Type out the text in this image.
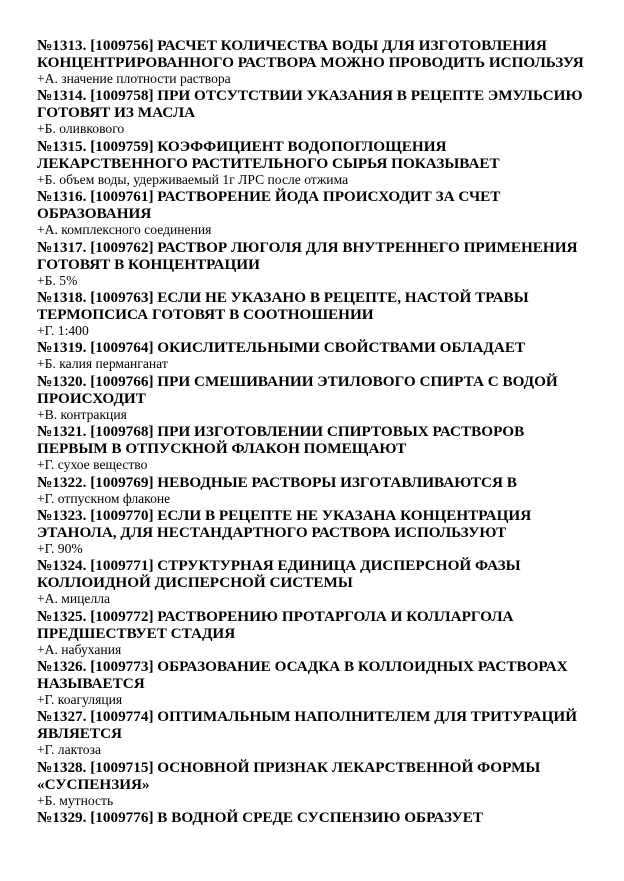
№1313. [1009756] РАСЧЕТ КОЛИЧЕСТВА ВОДЫ ДЛЯ ИЗГОТОВЛЕНИЯ КОНЦЕНТРИРОВАННОГО РАСТВОРА МОЖНО ПРОВОДИТЬ ИСПОЛЬЗУЯ

+А. значение плотности раствора

№1314. [1009758] ПРИ ОТСУТСТВИИ УКАЗАНИЯ В РЕЦЕПТЕ ЭМУЛЬСИЮ ГОТОВЯТ ИЗ МАСЛА

+Б. оливкового

№1315. [1009759] КОЭФФИЦИЕНТ ВОДОПОГЛОЩЕНИЯ ЛЕКАРСТВЕННОГО РАСТИТЕЛЬНОГО СЫРЬЯ ПОКАЗЫВАЕТ

+Б. объем воды, удерживаемый 1г ЛРС после отжима

№1316. [1009761] РАСТВОРЕНИЕ ЙОДА ПРОИСХОДИТ ЗА СЧЕТ ОБРАЗОВАНИЯ

+А. комплексного соединения

№1317. [1009762] РАСТВОР ЛЮГОЛЯ ДЛЯ ВНУТРЕННЕГО ПРИМЕНЕНИЯ ГОТОВЯТ В КОНЦЕНТРАЦИИ

+Б. 5%

№1318. [1009763] ЕСЛИ НЕ УКАЗАНО В РЕЦЕПТЕ, НАСТОЙ ТРАВЫ ТЕРМОПСИСА ГОТОВЯТ В СООТНОШЕНИИ

+Г. 1:400

№1319. [1009764] ОКИСЛИТЕЛЬНЫМИ СВОЙСТВАМИ ОБЛАДАЕТ

+Б. калия перманганат

№1320. [1009766] ПРИ СМЕШИВАНИИ ЭТИЛОВОГО СПИРТА С ВОДОЙ ПРОИСХОДИТ

+В. контракция

№1321. [1009768] ПРИ ИЗГОТОВЛЕНИИ СПИРТОВЫХ РАСТВОРОВ ПЕРВЫМ В ОТПУСКНОЙ ФЛАКОН ПОМЕЩАЮТ

+Г. сухое вещество

№1322. [1009769] НЕВОДНЫЕ РАСТВОРЫ ИЗГОТАВЛИВАЮТСЯ В

+Г. отпускном флаконе

№1323. [1009770] ЕСЛИ В РЕЦЕПТЕ НЕ УКАЗАНА КОНЦЕНТРАЦИЯ ЭТАНОЛА, ДЛЯ НЕСТАНДАРТНОГО РАСТВОРА ИСПОЛЬЗУЮТ

+Г. 90%

№1324. [1009771] СТРУКТУРНАЯ ЕДИНИЦА ДИСПЕРСНОЙ ФАЗЫ КОЛЛОИДНОЙ ДИСПЕРСНОЙ СИСТЕМЫ

+А. мицелла

№1325. [1009772] РАСТВОРЕНИЮ ПРОТАРГОЛА И КОЛЛАРГОЛА ПРЕДШЕСТВУЕТ СТАДИЯ

+А. набухания

№1326. [1009773] ОБРАЗОВАНИЕ ОСАДКА В КОЛЛОИДНЫХ РАСТВОРАХ НАЗЫВАЕТСЯ

+Г. коагуляция

№1327. [1009774] ОПТИМАЛЬНЫМ НАПОЛНИТЕЛЕМ ДЛЯ ТРИТУРАЦИЙ ЯВЛЯЕТСЯ

+Г. лактоза

№1328. [1009715] ОСНОВНОЙ ПРИЗНАК ЛЕКАРСТВЕННОЙ ФОРМЫ «СУСПЕНЗИЯ»

+Б. мутность

№1329. [1009776] В ВОДНОЙ СРЕДЕ СУСПЕНЗИЮ ОБРАЗУЕТ
